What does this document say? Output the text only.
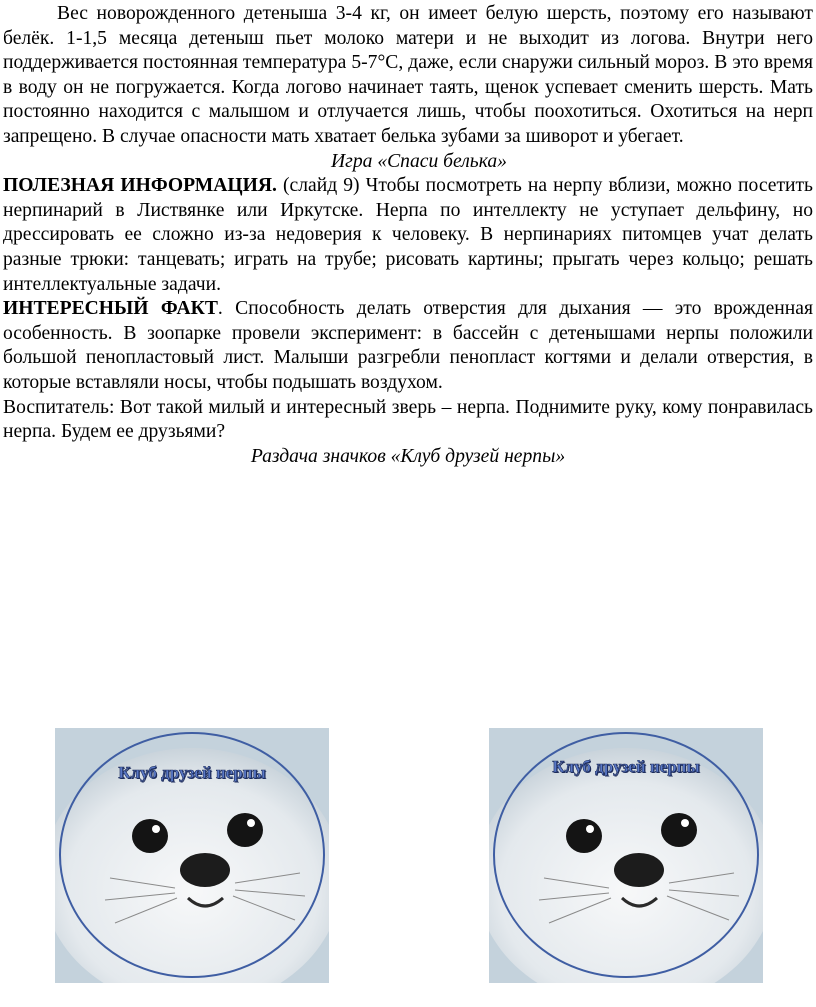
Вес новорожденного детеныша 3-4 кг, он имеет белую шерсть, поэтому его называют белёк. 1-1,5 месяца детеныш пьет молоко матери и не выходит из логова. Внутри него поддерживается постоянная температура 5-7°С, даже, если снаружи сильный мороз. В это время в воду он не погружается. Когда логово начинает таять, щенок успевает сменить шерсть. Мать постоянно находится с малышом и отлучается лишь, чтобы поохотиться. Охотиться на нерп запрещено. В случае опасности мать хватает белька зубами за шиворот и убегает.

Игра «Спаси белька»

ПОЛЕЗНАЯ ИНФОРМАЦИЯ. (слайд 9) Чтобы посмотреть на нерпу вблизи, можно посетить нерпинарий в Листвянке или Иркутске. Нерпа по интеллекту не уступает дельфину, но дрессировать ее сложно из-за недоверия к человеку. В нерпинариях питомцев учат делать разные трюки: танцевать; играть на трубе; рисовать картины; прыгать через кольцо; решать интеллектуальные задачи.

ИНТЕРЕСНЫЙ ФАКТ. Способность делать отверстия для дыхания — это врожденная особенность. В зоопарке провели эксперимент: в бассейн с детенышами нерпы положили большой пенопластовый лист. Малыши разгребли пенопласт когтями и делали отверстия, в которые вставляли носы, чтобы подышать воздухом.

Воспитатель: Вот такой милый и интересный зверь – нерпа. Поднимите руку, кому понравилась нерпа. Будем ее друзьями?

Раздача значков «Клуб друзей нерпы»

Клуб друзей нерпы	Клуб друзей нерпы
